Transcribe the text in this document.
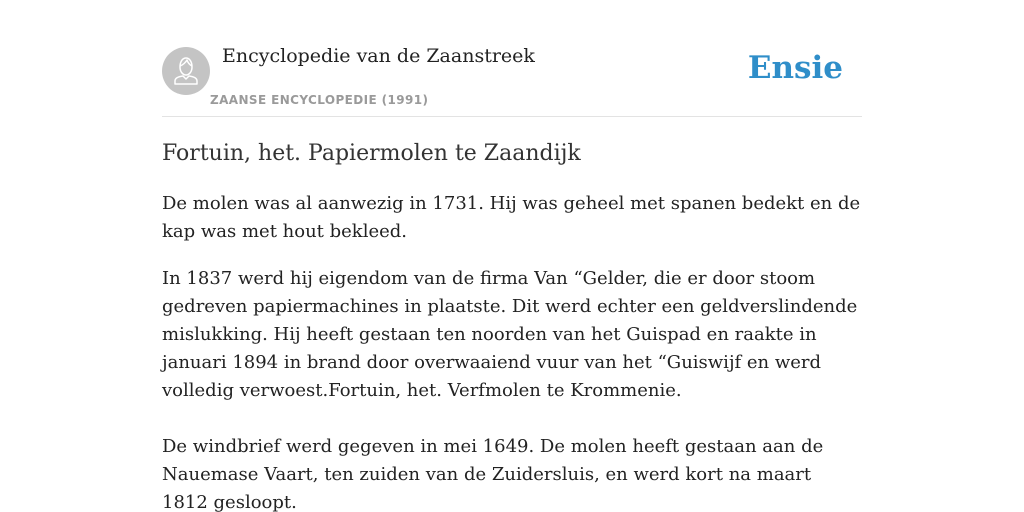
Encyclopedie van de Zaanstreek
ZAANSE ENCYCLOPEDIE (1991)
Ensie
Fortuin, het. Papiermolen te Zaandijk

De molen was al aanwezig in 1731. Hij was geheel met spanen bedekt en de kap was met hout bekleed.

In 1837 werd hij eigendom van de firma Van “Gelder, die er door stoom gedreven papiermachines in plaatste. Dit werd echter een geldverslindende mislukking. Hij heeft gestaan ten noorden van het Guispad en raakte in januari 1894 in brand door overwaaiend vuur van het “Guiswijf en werd volledig verwoest.Fortuin, het. Verfmolen te Krommenie.

De windbrief werd gegeven in mei 1649. De molen heeft gestaan aan de Nauemase Vaart, ten zuiden van de Zuidersluis, en werd kort na maart 1812 gesloopt.
